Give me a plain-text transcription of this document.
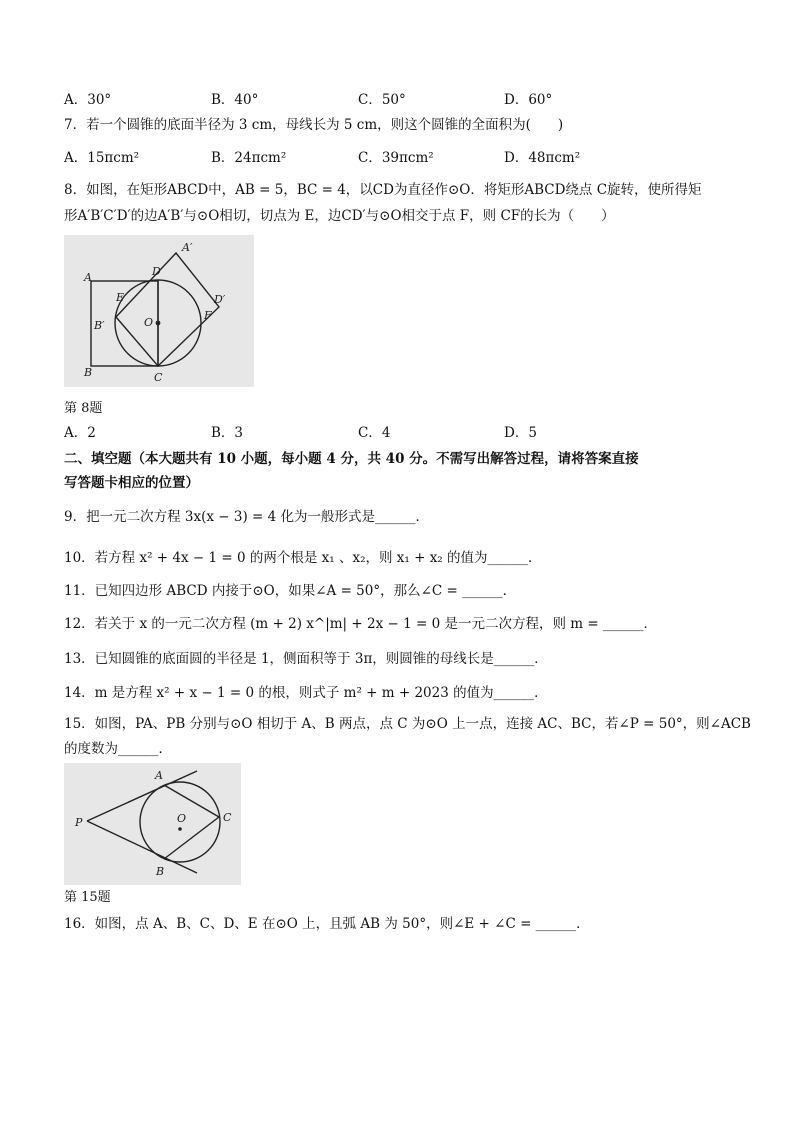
A．30°	B．40°	C．50°	D．60°
7．若一个圆锥的底面半径为 3 cm，母线长为 5 cm，则这个圆锥的全面积为(　　)
A．15πcm²	B．24πcm²	C．39πcm²	D．48πcm²
8．如图，在矩形ABCD中，AB = 5，BC = 4，以CD为直径作⊙O．将矩形ABCD绕点 C旋转，使所得矩
形A′B′C′D′的边A′B′与⊙O相切，切点为 E，边CD′与⊙O相交于点 F，则 CF的长为（　　）
A
B	C
D
A′
B′
D′
E
F
O
第 8题
A．2	B．3	C．4	D．5
二、填空题（本大题共有 10 小题，每小题 4 分，共 40 分。不需写出解答过程，请将答案直接
写答题卡相应的位置）
9．把一元二次方程 3x(x − 3) = 4 化为一般形式是______．
10．若方程 x² + 4x − 1 = 0 的两个根是 x₁ 、x₂，则 x₁ + x₂ 的值为______．
11．已知四边形 ABCD 内接于⊙O，如果∠A = 50°，那么∠C = ______．
12．若关于 x 的一元二次方程 (m + 2) x^|m| + 2x − 1 = 0 是一元二次方程，则 m = ______．
13．已知圆锥的底面圆的半径是 1，侧面积等于 3π，则圆锥的母线长是______．
14．m 是方程 x² + x − 1 = 0 的根，则式子 m² + m + 2023 的值为______．
15．如图，PA、PB 分别与⊙O 相切于 A、B 两点，点 C 为⊙O 上一点，连接 AC、BC，若∠P = 50°，则∠ACB
的度数为______．
A
B
C
P	O
第 15题
16．如图，点 A、B、C、D、E 在⊙O 上，且弧 AB 为 50°，则∠E + ∠C = ______．
